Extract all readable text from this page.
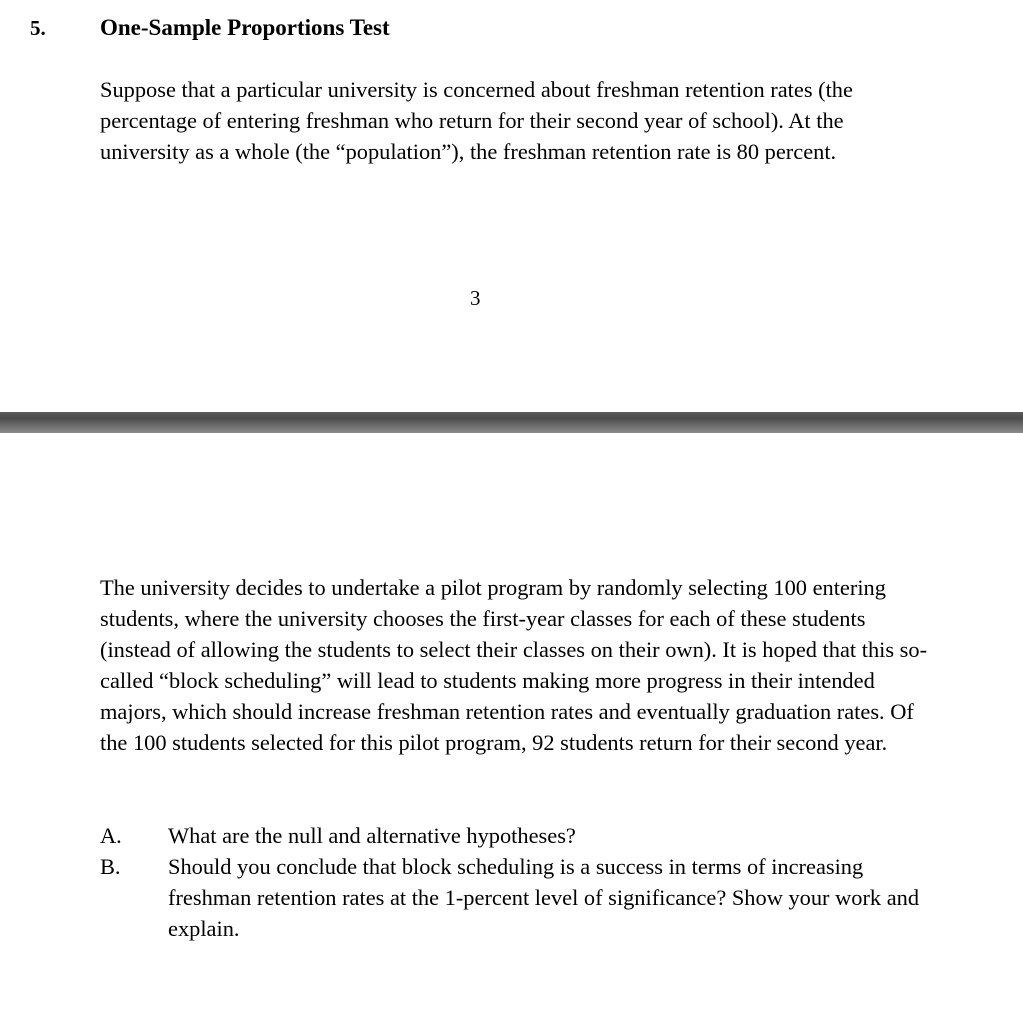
5. One-Sample Proportions Test

Suppose that a particular university is concerned about freshman retention rates (the percentage of entering freshman who return for their second year of school). At the university as a whole (the “population”), the freshman retention rate is 80 percent.

3

The university decides to undertake a pilot program by randomly selecting 100 entering students, where the university chooses the first-year classes for each of these students (instead of allowing the students to select their classes on their own). It is hoped that this so-called “block scheduling” will lead to students making more progress in their intended majors, which should increase freshman retention rates and eventually graduation rates. Of the 100 students selected for this pilot program, 92 students return for their second year.

A.	What are the null and alternative hypotheses?
B.	Should you conclude that block scheduling is a success in terms of increasing freshman retention rates at the 1-percent level of significance? Show your work and explain.
